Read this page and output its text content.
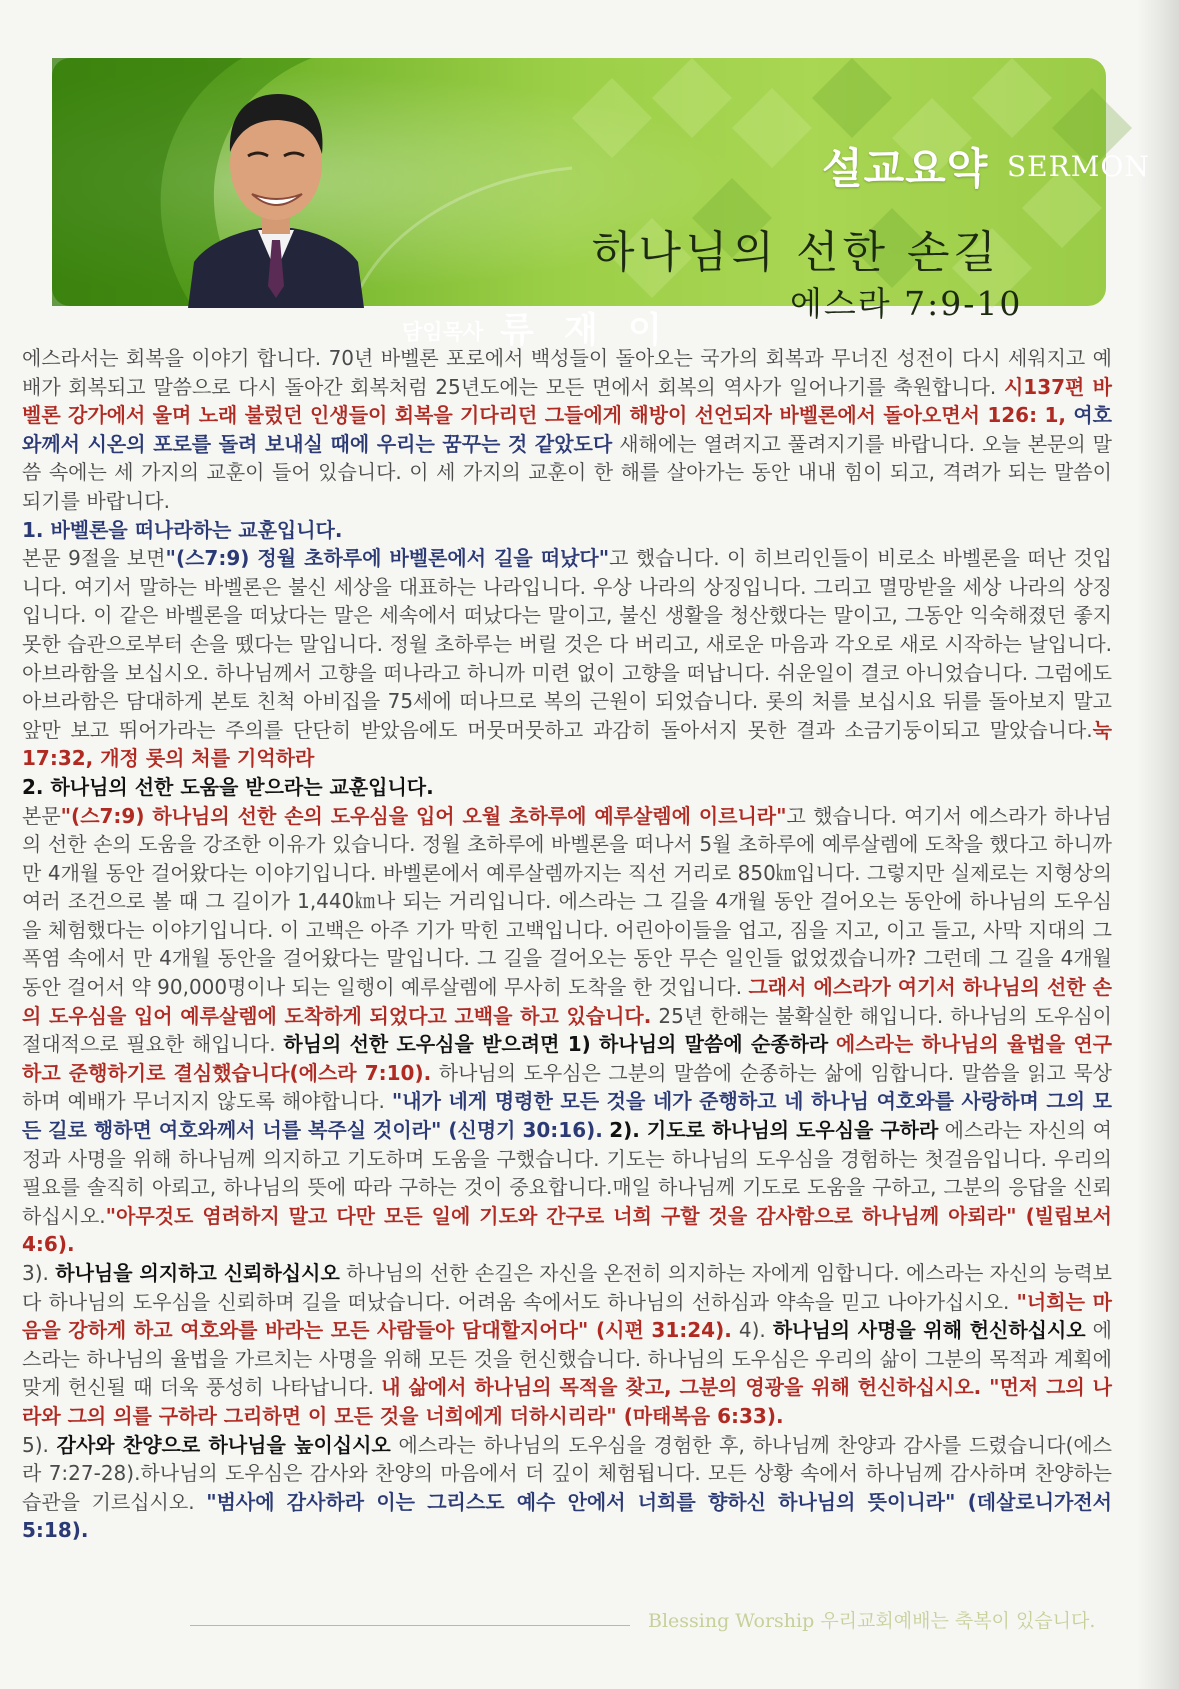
설교요약 SERMON
하나님의 선한 손길
에스라 7:9-10
담임목사 류 재 이

에스라서는 회복을 이야기 합니다. 70년 바벨론 포로에서 백성들이 돌아오는 국가의 회복과 무너진 성전이 다시 세워지고 예배가 회복되고 말씀으로 다시 돌아간 회복처럼 25년도에는 모든 면에서 회복의 역사가 일어나기를 축원합니다. 시137편 바벨론 강가에서 울며 노래 불렀던 인생들이 회복을 기다리던 그들에게 해방이 선언되자 바벨론에서 돌아오면서 126: 1, 여호와께서 시온의 포로를 돌려 보내실 때에 우리는 꿈꾸는 것 같았도다 새해에는 열려지고 풀려지기를 바랍니다. 오늘 본문의 말씀 속에는 세 가지의 교훈이 들어 있습니다. 이 세 가지의 교훈이 한 해를 살아가는 동안 내내 힘이 되고, 격려가 되는 말씀이 되기를 바랍니다.

1. 바벨론을 떠나라하는 교훈입니다.

본문 9절을 보면"(스7:9) 정월 초하루에 바벨론에서 길을 떠났다"고 했습니다. 이 히브리인들이 비로소 바벨론을 떠난 것입니다. 여기서 말하는 바벨론은 불신 세상을 대표하는 나라입니다. 우상 나라의 상징입니다. 그리고 멸망받을 세상 나라의 상징입니다. 이 같은 바벨론을 떠났다는 말은 세속에서 떠났다는 말이고, 불신 생활을 청산했다는 말이고, 그동안 익숙해졌던 좋지 못한 습관으로부터 손을 뗐다는 말입니다. 정월 초하루는 버릴 것은 다 버리고, 새로운 마음과 각오로 새로 시작하는 날입니다. 아브라함을 보십시오. 하나님께서 고향을 떠나라고 하니까 미련 없이 고향을 떠납니다. 쉬운일이 결코 아니었습니다. 그럼에도 아브라함은 담대하게 본토 친척 아비집을 75세에 떠나므로 복의 근원이 되었습니다. 롯의 처를 보십시요 뒤를 돌아보지 말고 앞만 보고 뛰어가라는 주의를 단단히 받았음에도 머뭇머뭇하고 과감히 돌아서지 못한 결과 소금기둥이되고 말았습니다.눅 17:32, 개정 롯의 처를 기억하라

2. 하나님의 선한 도움을 받으라는 교훈입니다.

본문"(스7:9) 하나님의 선한 손의 도우심을 입어 오월 초하루에 예루살렘에 이르니라"고 했습니다. 여기서 에스라가 하나님의 선한 손의 도움을 강조한 이유가 있습니다. 정월 초하루에 바벨론을 떠나서 5월 초하루에 예루살렘에 도착을 했다고 하니까 만 4개월 동안 걸어왔다는 이야기입니다. 바벨론에서 예루살렘까지는 직선 거리로 850㎞입니다. 그렇지만 실제로는 지형상의 여러 조건으로 볼 때 그 길이가 1,440㎞나 되는 거리입니다. 에스라는 그 길을 4개월 동안 걸어오는 동안에 하나님의 도우심을 체험했다는 이야기입니다. 이 고백은 아주 기가 막힌 고백입니다. 어린아이들을 업고, 짐을 지고, 이고 들고, 사막 지대의 그 폭염 속에서 만 4개월 동안을 걸어왔다는 말입니다. 그 길을 걸어오는 동안 무슨 일인들 없었겠습니까? 그런데 그 길을 4개월 동안 걸어서 약 90,000명이나 되는 일행이 예루살렘에 무사히 도착을 한 것입니다. 그래서 에스라가 여기서 하나님의 선한 손의 도우심을 입어 예루살렘에 도착하게 되었다고 고백을 하고 있습니다. 25년 한해는 불확실한 해입니다. 하나님의 도우심이 절대적으로 필요한 해입니다. 하님의 선한 도우심을 받으려면 1) 하나님의 말씀에 순종하라 에스라는 하나님의 율법을 연구하고 준행하기로 결심했습니다(에스라 7:10). 하나님의 도우심은 그분의 말씀에 순종하는 삶에 임합니다. 말씀을 읽고 묵상하며 예배가 무너지지 않도록 해야합니다. "내가 네게 명령한 모든 것을 네가 준행하고 네 하나님 여호와를 사랑하며 그의 모든 길로 행하면 여호와께서 너를 복주실 것이라" (신명기 30:16). 2). 기도로 하나님의 도우심을 구하라 에스라는 자신의 여정과 사명을 위해 하나님께 의지하고 기도하며 도움을 구했습니다. 기도는 하나님의 도우심을 경험하는 첫걸음입니다. 우리의 필요를 솔직히 아뢰고, 하나님의 뜻에 따라 구하는 것이 중요합니다.매일 하나님께 기도로 도움을 구하고, 그분의 응답을 신뢰하십시오."아무것도 염려하지 말고 다만 모든 일에 기도와 간구로 너희 구할 것을 감사함으로 하나님께 아뢰라" (빌립보서 4:6).

3). 하나님을 의지하고 신뢰하십시오 하나님의 선한 손길은 자신을 온전히 의지하는 자에게 임합니다. 에스라는 자신의 능력보다 하나님의 도우심을 신뢰하며 길을 떠났습니다. 어려움 속에서도 하나님의 선하심과 약속을 믿고 나아가십시오. "너희는 마음을 강하게 하고 여호와를 바라는 모든 사람들아 담대할지어다" (시편 31:24). 4). 하나님의 사명을 위해 헌신하십시오 에스라는 하나님의 율법을 가르치는 사명을 위해 모든 것을 헌신했습니다. 하나님의 도우심은 우리의 삶이 그분의 목적과 계획에 맞게 헌신될 때 더욱 풍성히 나타납니다. 내 삶에서 하나님의 목적을 찾고, 그분의 영광을 위해 헌신하십시오. "먼저 그의 나라와 그의 의를 구하라 그리하면 이 모든 것을 너희에게 더하시리라" (마태복음 6:33).

5). 감사와 찬양으로 하나님을 높이십시오 에스라는 하나님의 도우심을 경험한 후, 하나님께 찬양과 감사를 드렸습니다(에스라 7:27-28).하나님의 도우심은 감사와 찬양의 마음에서 더 깊이 체험됩니다. 모든 상황 속에서 하나님께 감사하며 찬양하는 습관을 기르십시오. "범사에 감사하라 이는 그리스도 예수 안에서 너희를 향하신 하나님의 뜻이니라" (데살로니가전서 5:18).

Blessing Worship 우리교회예배는 축복이 있습니다.
